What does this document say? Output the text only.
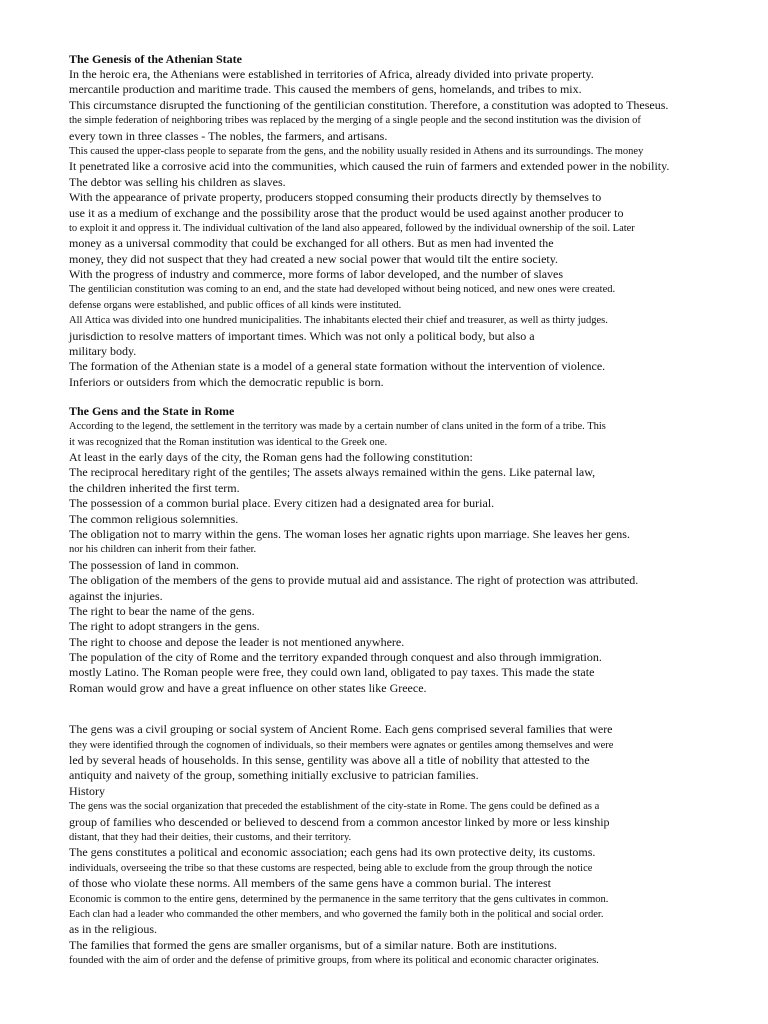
The Genesis of the Athenian State
In the heroic era, the Athenians were established in territories of Africa, already divided into private property.
mercantile production and maritime trade. This caused the members of gens, homelands, and tribes to mix.
This circumstance disrupted the functioning of the gentilician constitution. Therefore, a constitution was adopted to Theseus.
the simple federation of neighboring tribes was replaced by the merging of a single people and the second institution was the division of
every town in three classes - The nobles, the farmers, and artisans.
This caused the upper-class people to separate from the gens, and the nobility usually resided in Athens and its surroundings. The money
It penetrated like a corrosive acid into the communities, which caused the ruin of farmers and extended power in the nobility.
The debtor was selling his children as slaves.
With the appearance of private property, producers stopped consuming their products directly by themselves to
use it as a medium of exchange and the possibility arose that the product would be used against another producer to
to exploit it and oppress it. The individual cultivation of the land also appeared, followed by the individual ownership of the soil. Later
money as a universal commodity that could be exchanged for all others. But as men had invented the
money, they did not suspect that they had created a new social power that would tilt the entire society.
With the progress of industry and commerce, more forms of labor developed, and the number of slaves
The gentilician constitution was coming to an end, and the state had developed without being noticed, and new ones were created.
defense organs were established, and public offices of all kinds were instituted.
All Attica was divided into one hundred municipalities. The inhabitants elected their chief and treasurer, as well as thirty judges.
jurisdiction to resolve matters of important times. Which was not only a political body, but also a
military body.
The formation of the Athenian state is a model of a general state formation without the intervention of violence.
Inferiors or outsiders from which the democratic republic is born.
The Gens and the State in Rome
According to the legend, the settlement in the territory was made by a certain number of clans united in the form of a tribe. This
it was recognized that the Roman institution was identical to the Greek one.
At least in the early days of the city, the Roman gens had the following constitution:
The reciprocal hereditary right of the gentiles; The assets always remained within the gens. Like paternal law,
the children inherited the first term.
The possession of a common burial place. Every citizen had a designated area for burial.
The common religious solemnities.
The obligation not to marry within the gens. The woman loses her agnatic rights upon marriage. She leaves her gens.
nor his children can inherit from their father.
The possession of land in common.
The obligation of the members of the gens to provide mutual aid and assistance. The right of protection was attributed.
against the injuries.
The right to bear the name of the gens.
The right to adopt strangers in the gens.
The right to choose and depose the leader is not mentioned anywhere.
The population of the city of Rome and the territory expanded through conquest and also through immigration.
mostly Latino. The Roman people were free, they could own land, obligated to pay taxes. This made the state
Roman would grow and have a great influence on other states like Greece.
The gens was a civil grouping or social system of Ancient Rome. Each gens comprised several families that were
they were identified through the cognomen of individuals, so their members were agnates or gentiles among themselves and were
led by several heads of households. In this sense, gentility was above all a title of nobility that attested to the
antiquity and naivety of the group, something initially exclusive to patrician families.
History
The gens was the social organization that preceded the establishment of the city-state in Rome. The gens could be defined as a
group of families who descended or believed to descend from a common ancestor linked by more or less kinship
distant, that they had their deities, their customs, and their territory.
The gens constitutes a political and economic association; each gens had its own protective deity, its customs.
individuals, overseeing the tribe so that these customs are respected, being able to exclude from the group through the notice
of those who violate these norms. All members of the same gens have a common burial. The interest
Economic is common to the entire gens, determined by the permanence in the same territory that the gens cultivates in common.
Each clan had a leader who commanded the other members, and who governed the family both in the political and social order.
as in the religious.
The families that formed the gens are smaller organisms, but of a similar nature. Both are institutions.
founded with the aim of order and the defense of primitive groups, from where its political and economic character originates.
